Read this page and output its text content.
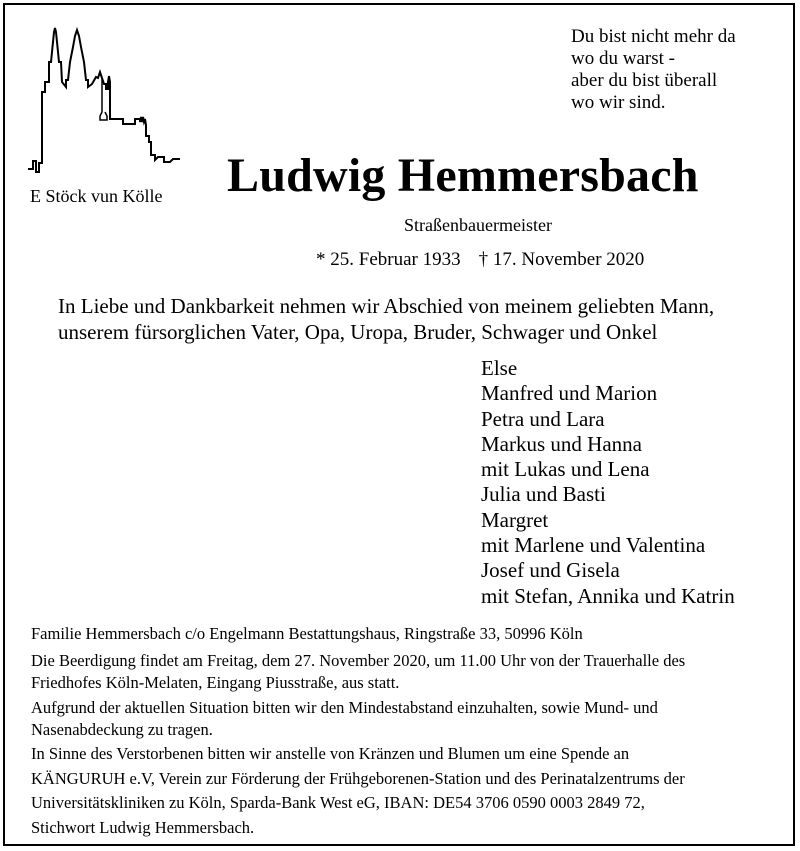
E Stöck vun Kölle
Du bist nicht mehr da
wo du warst -
aber du bist überall
wo wir sind.
Ludwig Hemmersbach
Straßenbauermeister
* 25. Februar 1933 † 17. November 2020
In Liebe und Dankbarkeit nehmen wir Abschied von meinem geliebten Mann,
unserem fürsorglichen Vater, Opa, Uropa, Bruder, Schwager und Onkel
Else
Manfred und Marion
Petra und Lara
Markus und Hanna
mit Lukas und Lena
Julia und Basti
Margret
mit Marlene und Valentina
Josef und Gisela
mit Stefan, Annika und Katrin
Familie Hemmersbach c/o Engelmann Bestattungshaus, Ringstraße 33, 50996 Köln
Die Beerdigung findet am Freitag, dem 27. November 2020, um 11.00 Uhr von der Trauerhalle des
Friedhofes Köln-Melaten, Eingang Piusstraße, aus statt.
Aufgrund der aktuellen Situation bitten wir den Mindestabstand einzuhalten, sowie Mund- und
Nasenabdeckung zu tragen.
In Sinne des Verstorbenen bitten wir anstelle von Kränzen und Blumen um eine Spende an
KÄNGURUH e.V, Verein zur Förderung der Frühgeborenen-Station und des Perinatalzentrums der
Universitätskliniken zu Köln, Sparda-Bank West eG, IBAN: DE54 3706 0590 0003 2849 72,
Stichwort Ludwig Hemmersbach.
